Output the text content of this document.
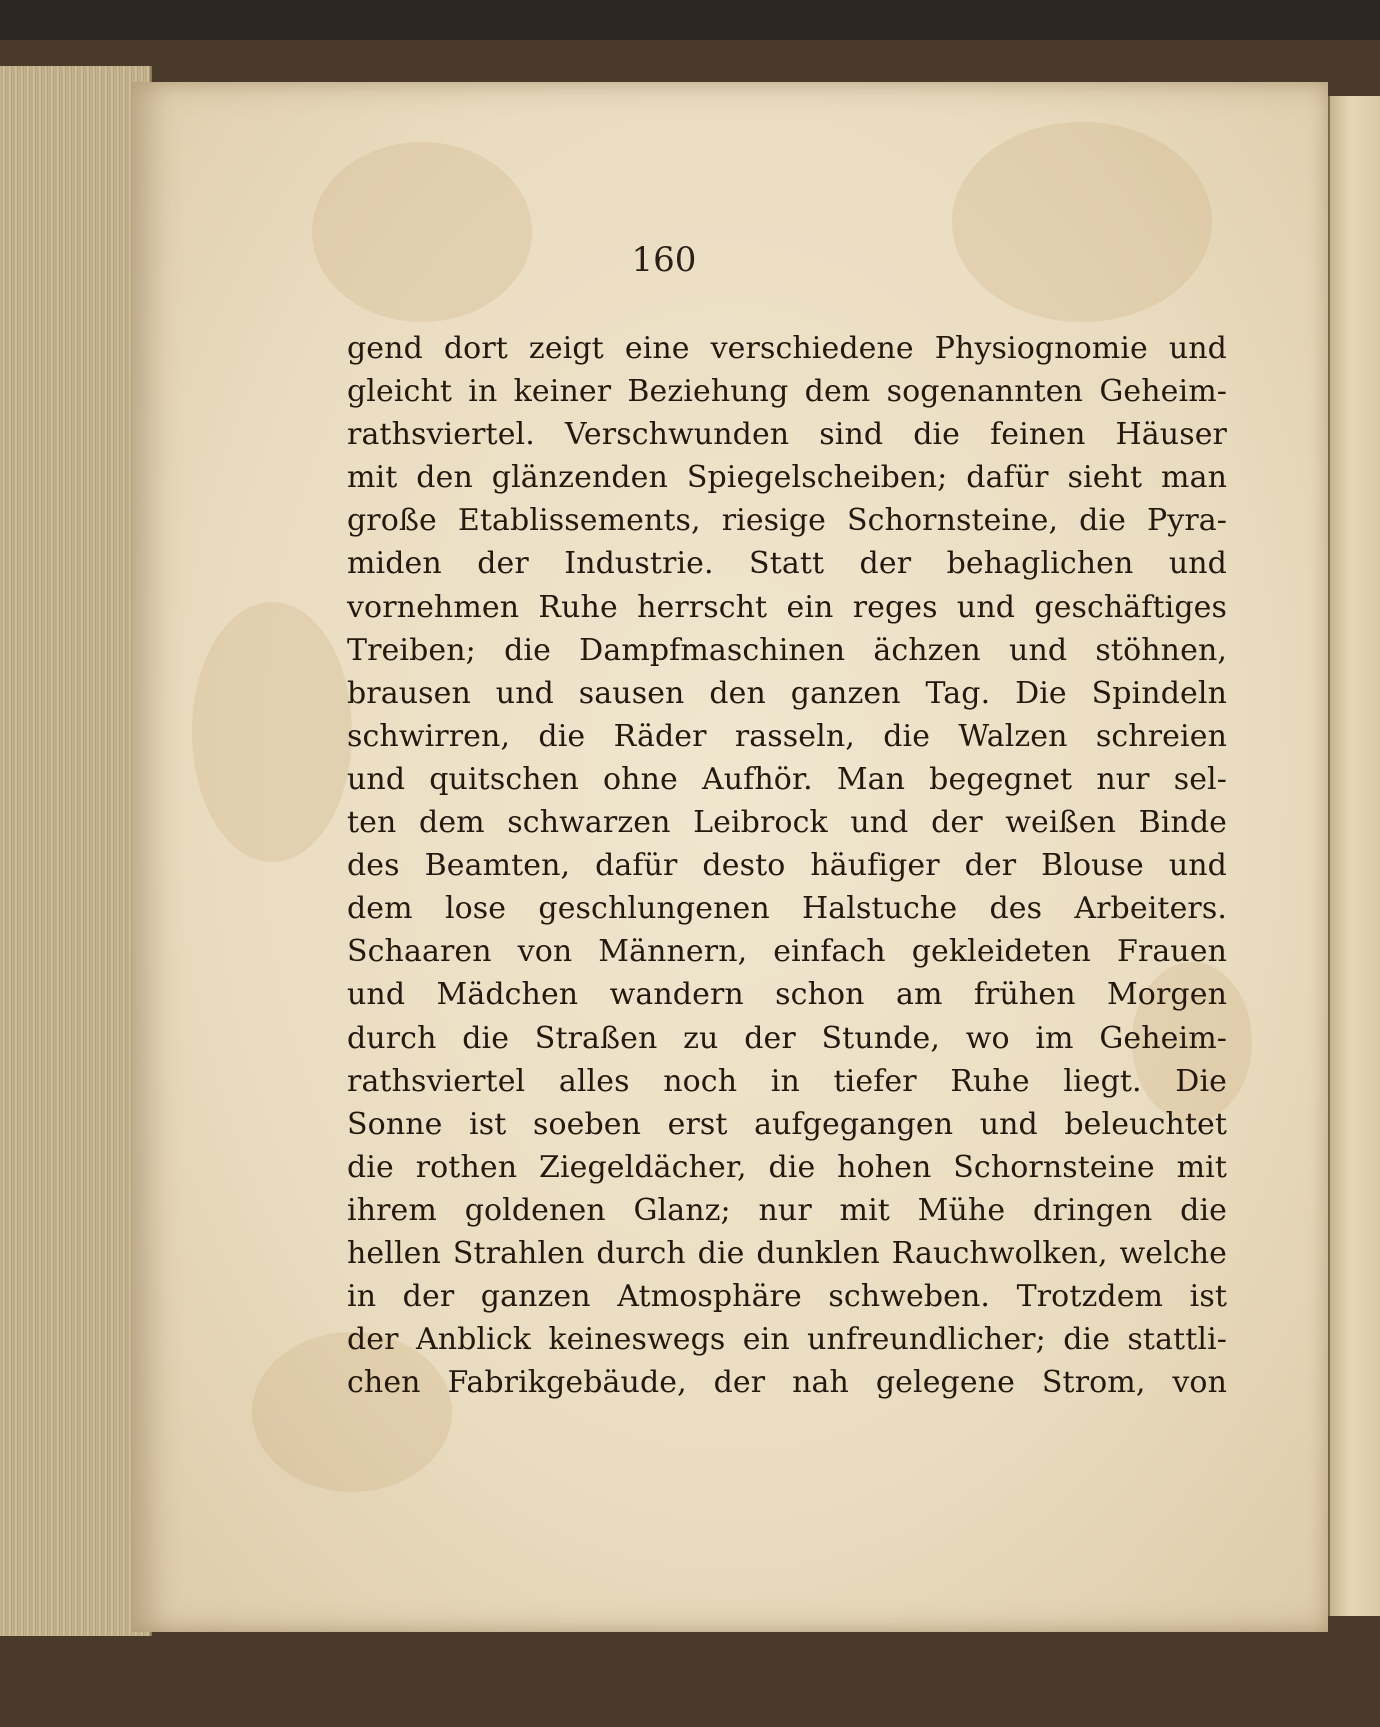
160
gend dort zeigt eine verschiedene Physiognomie und
gleicht in keiner Beziehung dem sogenannten Geheim-
rathsviertel. Verschwunden sind die feinen Häuser
mit den glänzenden Spiegelscheiben; dafür sieht man
große Etablissements, riesige Schornsteine, die Pyra-
miden der Industrie. Statt der behaglichen und
vornehmen Ruhe herrscht ein reges und geschäftiges
Treiben; die Dampfmaschinen ächzen und stöhnen,
brausen und sausen den ganzen Tag. Die Spindeln
schwirren, die Räder rasseln, die Walzen schreien
und quitschen ohne Aufhör. Man begegnet nur sel-
ten dem schwarzen Leibrock und der weißen Binde
des Beamten, dafür desto häufiger der Blouse und
dem lose geschlungenen Halstuche des Arbeiters.
Schaaren von Männern, einfach gekleideten Frauen
und Mädchen wandern schon am frühen Morgen
durch die Straßen zu der Stunde, wo im Geheim-
rathsviertel alles noch in tiefer Ruhe liegt. Die
Sonne ist soeben erst aufgegangen und beleuchtet
die rothen Ziegeldächer, die hohen Schornsteine mit
ihrem goldenen Glanz; nur mit Mühe dringen die
hellen Strahlen durch die dunklen Rauchwolken, welche
in der ganzen Atmosphäre schweben. Trotzdem ist
der Anblick keineswegs ein unfreundlicher; die stattli-
chen Fabrikgebäude, der nah gelegene Strom, von
